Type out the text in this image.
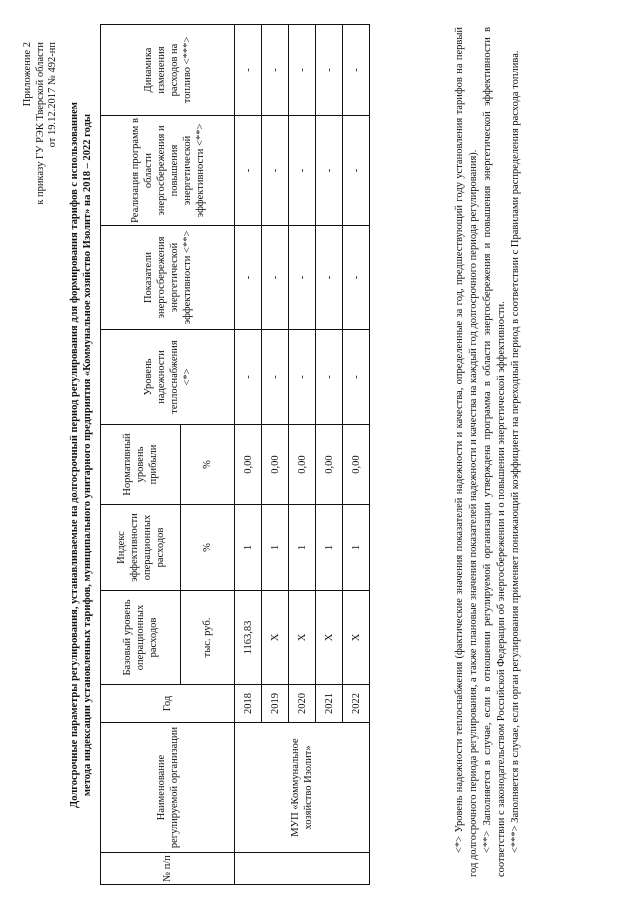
Приложение 2 к приказу ГУ РЭК Тверской области от 19.12.2017 № 492-нп
Долгосрочные параметры регулирования, устанавливаемые на долгосрочный период регулирования для формирования тарифов с использованием метода индексации установленных тарифов, муниципального унитарного предприятия «Коммунальное хозяйство Изолит» на 2018 – 2022 годы
№ п/п	Наименование регулируемой организации	Год	Базовый уровень операционных расходов	Индекс эффективности операционных расходов	Нормативный уровень прибыли	Уровень надежности теплоснабжения <*>	Показатели энергосбережения энергетической эффективности <**>	Реализация программ в области энергосбережения и повышения энергетической эффективности <**>	Динамика изменения расходов на топливо <***>
			тыс. руб.	%	%				
	МУП «Коммунальное хозяйство Изолит»	2018	1163,83	1	0,00	-	-	-	-
		2019	Х	1	0,00	-	-	-	-
		2020	Х	1	0,00	-	-	-	-
		2021	Х	1	0,00	-	-	-	-
		2022	Х	1	0,00	-	-	-	-	<*> Уровень надежности теплоснабжения (фактические значения показателей надежности и качества, определенные за год, предшествующий году установления тарифов на первый год долгосрочного периода регулирования, а также плановые значения показателей надежности и качества на каждый год долгосрочного периода регулирования). <**> Заполняется в случае, если в отношении регулируемой организации утверждена программа в области энергосбережения и повышения энергетической эффективности в соответствии с законодательством Российской Федерации об энергосбережении и о повышении энергетической эффективности. <***> Заполняется в случае, если орган регулирования применяет понижающий коэффициент на переходный период в соответствии с Правилами распределения расхода топлива.
